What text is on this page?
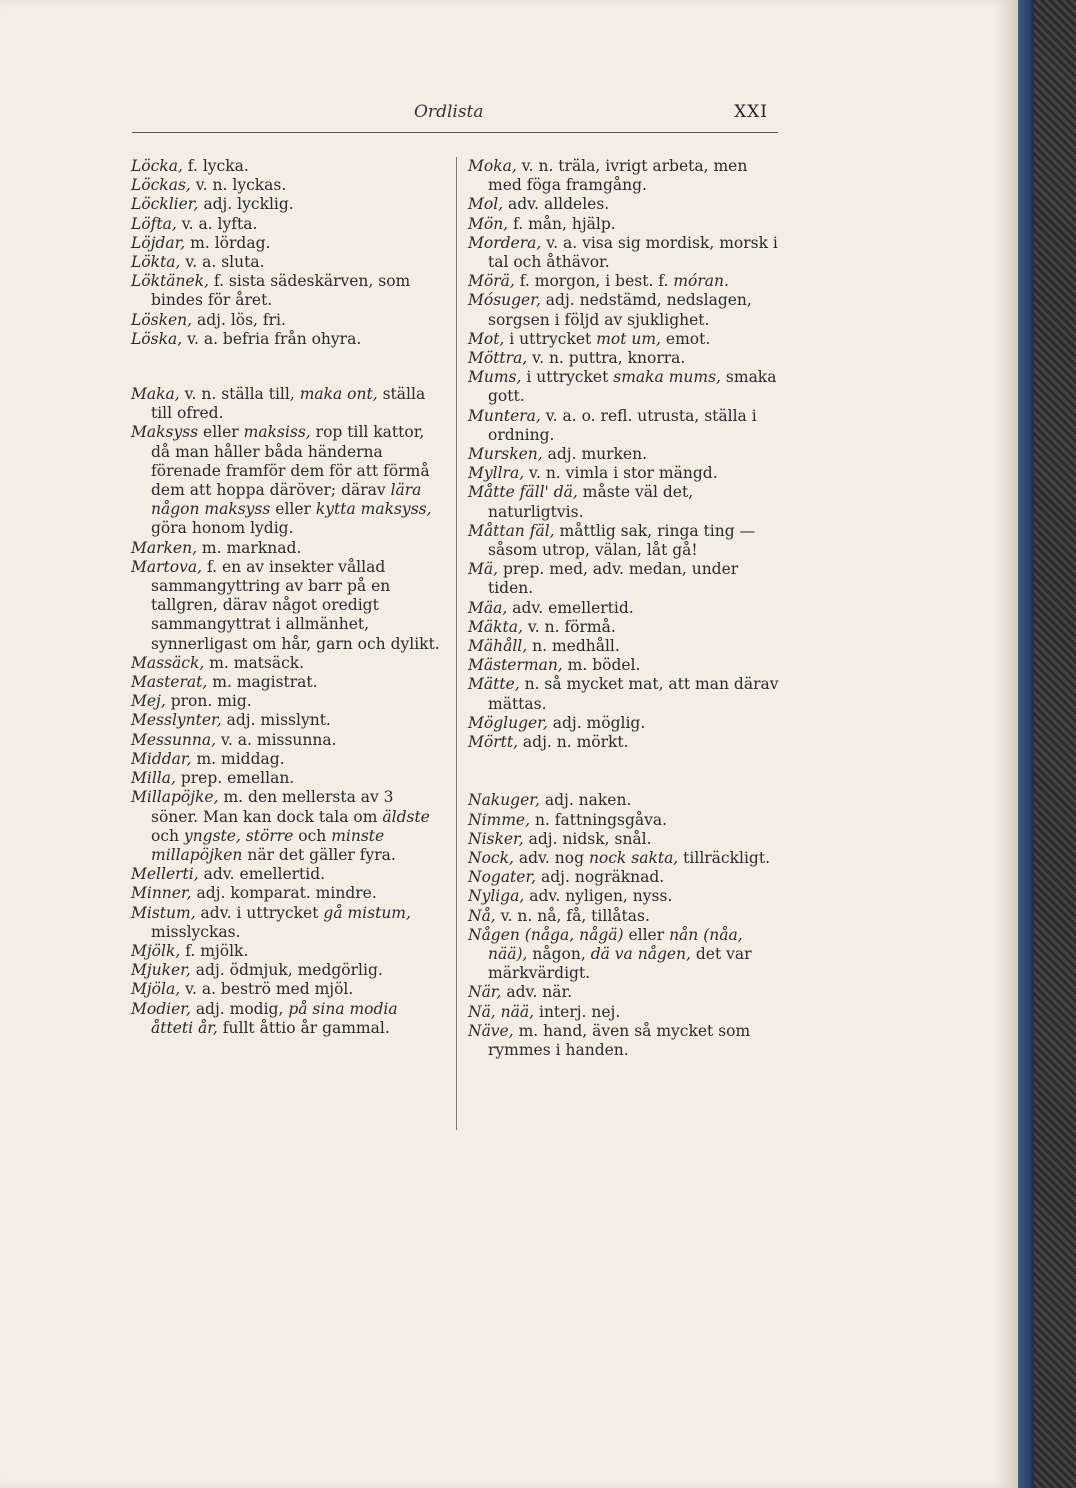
Ordlista	XXI

Löcka, f. lycka.

Löckas, v. n. lyckas.

Löcklier, adj. lycklig.

Löfta, v. a. lyfta.

Löjdar, m. lördag.

Lökta, v. a. sluta.

Löktänek, f. sista sädeskärven, som bindes för året.

Lösken, adj. lös, fri.

Löska, v. a. befria från ohyra.

Maka, v. n. ställa till, maka ont, ställa till ofred.

Maksyss eller maksiss, rop till kattor, då man håller båda händerna förenade framför dem för att förmå dem att hoppa däröver; därav lära någon maksyss eller kytta maksyss, göra honom lydig.

Marken, m. marknad.

Martova, f. en av insekter vållad sammangyttring av barr på en tallgren, därav något oredigt sammangyttrat i allmänhet, synnerligast om hår, garn och dylikt.

Massäck, m. matsäck.

Masterat, m. magistrat.

Mej, pron. mig.

Messlynter, adj. misslynt.

Messunna, v. a. missunna.

Middar, m. middag.

Milla, prep. emellan.

Millapöjke, m. den mellersta av 3 söner. Man kan dock tala om äldste och yngste, större och minste millapöjken när det gäller fyra.

Mellerti, adv. emellertid.

Minner, adj. komparat. mindre.

Mistum, adv. i uttrycket gå mistum, misslyckas.

Mjölk, f. mjölk.

Mjuker, adj. ödmjuk, medgörlig.

Mjöla, v. a. beströ med mjöl.

Modier, adj. modig, på sina modia åtteti år, fullt åttio år gammal.

Moka, v. n. träla, ivrigt arbeta, men med föga framgång.

Mol, adv. alldeles.

Mön, f. mån, hjälp.

Mordera, v. a. visa sig mordisk, morsk i tal och åthävor.

Mörä, f. morgon, i best. f. móran.

Mósuger, adj. nedstämd, nedslagen, sorgsen i följd av sjuklighet.

Mot, i uttrycket mot um, emot.

Möttra, v. n. puttra, knorra.

Mums, i uttrycket smaka mums, smaka gott.

Muntera, v. a. o. refl. utrusta, ställa i ordning.

Mursken, adj. murken.

Myllra, v. n. vimla i stor mängd.

Måtte fäll' dä, måste väl det, naturligtvis.

Måttan fäl, måttlig sak, ringa ting — såsom utrop, välan, låt gå!

Mä, prep. med, adv. medan, under tiden.

Mäa, adv. emellertid.

Mäkta, v. n. förmå.

Mähåll, n. medhåll.

Mästerman, m. bödel.

Mätte, n. så mycket mat, att man därav mättas.

Mögluger, adj. möglig.

Mörtt, adj. n. mörkt.

Nakuger, adj. naken.

Nimme, n. fattningsgåva.

Nisker, adj. nidsk, snål.

Nock, adv. nog nock sakta, tillräckligt.

Nogater, adj. nogräknad.

Nyliga, adv. nyligen, nyss.

Nå, v. n. nå, få, tillåtas.

Någen (någa, någä) eller nån (nåa, nää), någon, dä va någen, det var märkvärdigt.

När, adv. när.

Nä, nää, interj. nej.

Näve, m. hand, även så mycket som rymmes i handen.
